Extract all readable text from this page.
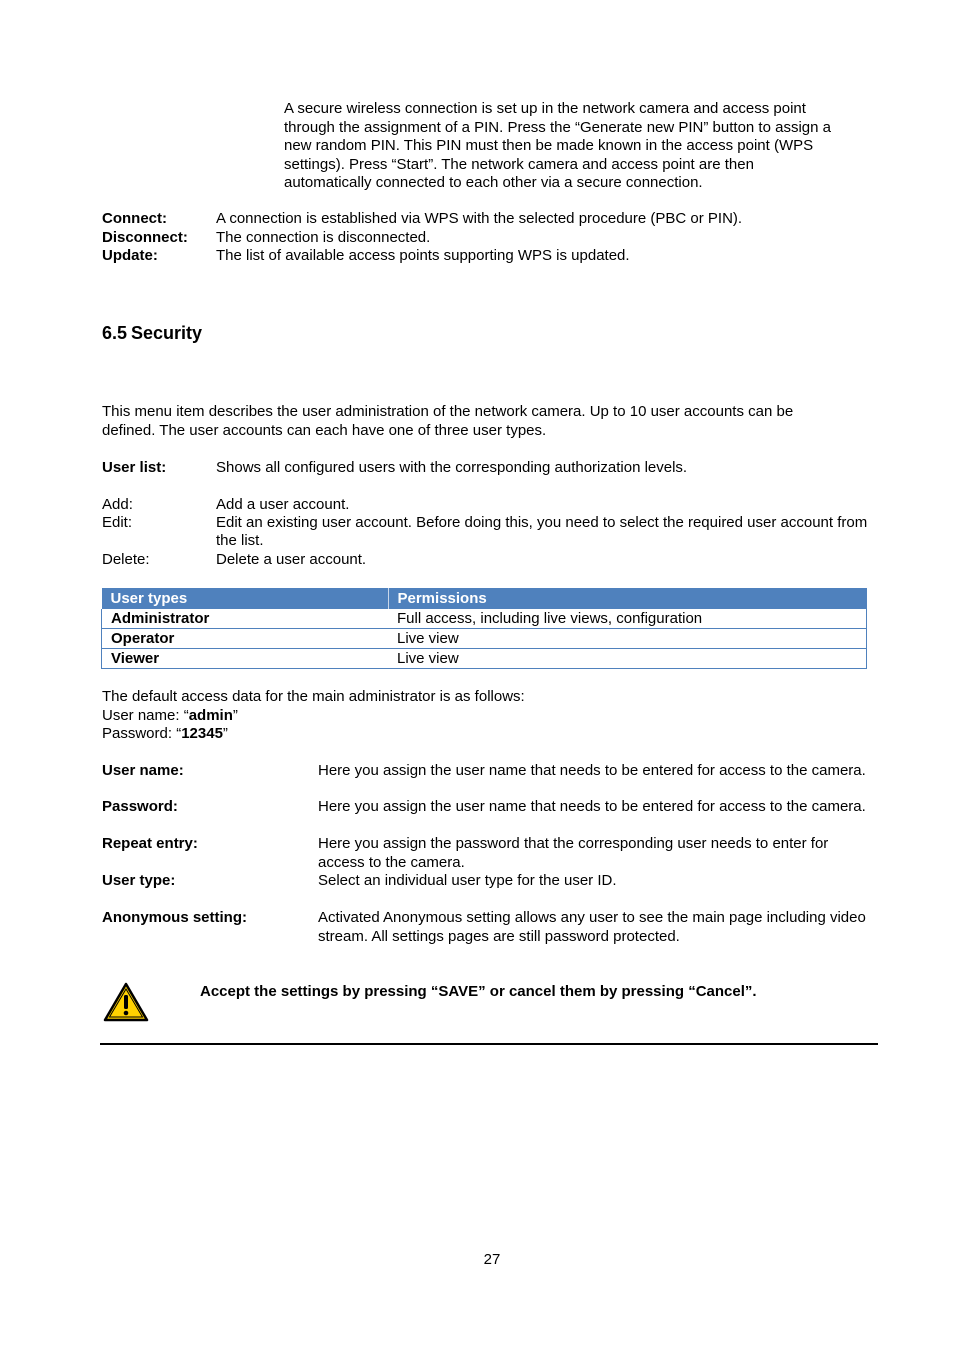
A secure wireless connection is set up in the network camera and access point

through the assignment of a PIN. Press the “Generate new PIN” button to assign a

new random PIN. This PIN must then be made known in the access point (WPS

settings). Press “Start”. The network camera and access point are then

automatically connected to each other via a secure connection.

Connect:	A connection is established via WPS with the selected procedure (PBC or PIN).
Disconnect: The connection is disconnected.
Update:	The list of available access points supporting WPS is updated.
6.5 Security
This menu item describes the user administration of the network camera. Up to 10 user accounts can be
defined. The user accounts can each have one of three user types.
User list:	Shows all configured users with the corresponding authorization levels.
Add:	Add a user account.
Edit:	Edit an existing user account. Before doing this, you need to select the required user account from the list.
Delete:	Delete a user account.
User types	Permissions
Administrator	Full access, including live views, configuration
Operator	Live view
Viewer	Live view
The default access data for the main administrator is as follows:
User name: “admin”
Password: “12345”
User name:	Here you assign the user name that needs to be entered for access to the camera.
Password:	Here you assign the user name that needs to be entered for access to the camera.
Repeat entry:	Here you assign the password that the corresponding user needs to enter for access to the camera.
User type:	Select an individual user type for the user ID.
Anonymous setting:	Activated Anonymous setting allows any user to see the main page including video stream. All settings pages are still password protected.
Accept the settings by pressing “SAVE” or cancel them by pressing “Cancel”.
27
